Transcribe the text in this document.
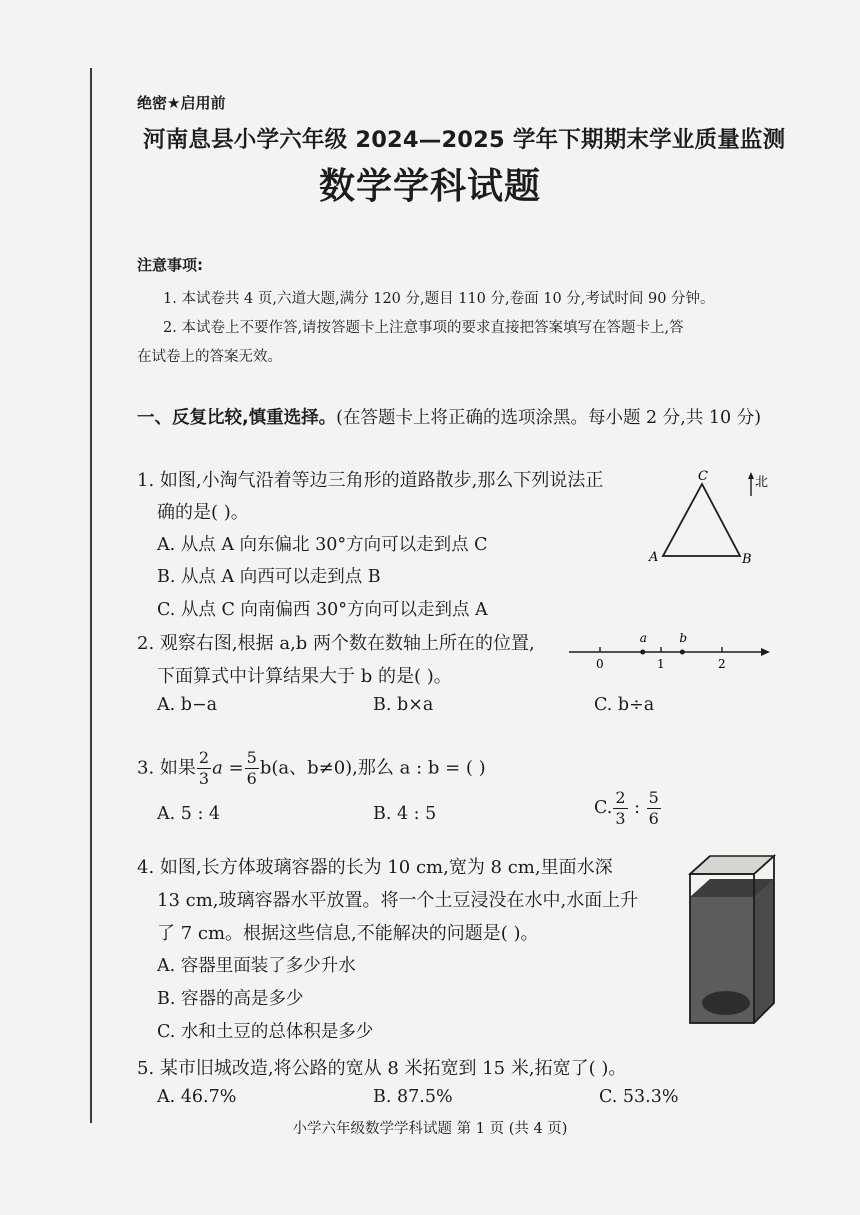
绝密★启用前
河南息县小学六年级 2024—2025 学年下期期末学业质量监测
数学学科试题
注意事项:
1. 本试卷共 4 页,六道大题,满分 120 分,题目 110 分,卷面 10 分,考试时间 90 分钟。
2. 本试卷上不要作答,请按答题卡上注意事项的要求直接把答案填写在答题卡上,答
在试卷上的答案无效。
一、反复比较,慎重选择。(在答题卡上将正确的选项涂黑。每小题 2 分,共 10 分)
1. 如图,小淘气沿着等边三角形的道路散步,那么下列说法正
确的是( )。
A. 从点 A 向东偏北 30°方向可以走到点 C
B. 从点 A 向西可以走到点 B
C. 从点 C 向南偏西 30°方向可以走到点 A
C
A	B
北
2. 观察右图,根据 a,b 两个数在数轴上所在的位置,
下面算式中计算结果大于 b 的是( )。
A. b−a	B. b×a	C. b÷a
0	1	2
a	b
3. 如果 $\frac{2}{3}$ $a = \frac{5}{6} b(a$、b≠0),那么 a : b = ( )
A. 5 : 4	B. 4 : 5	C. $\frac{2}{3}$ : $\frac{5}{6}$
4. 如图,长方体玻璃容器的长为 10 cm,宽为 8 cm,里面水深
13 cm,玻璃容器水平放置。将一个土豆浸没在水中,水面上升
了 7 cm。根据这些信息,不能解决的问题是( )。
A. 容器里面装了多少升水
B. 容器的高是多少
C. 水和土豆的总体积是多少
5. 某市旧城改造,将公路的宽从 8 米拓宽到 15 米,拓宽了( )。
A. 46.7%	B. 87.5%	C. 53.3%
小学六年级数学学科试题 第 1 页 (共 4 页)
